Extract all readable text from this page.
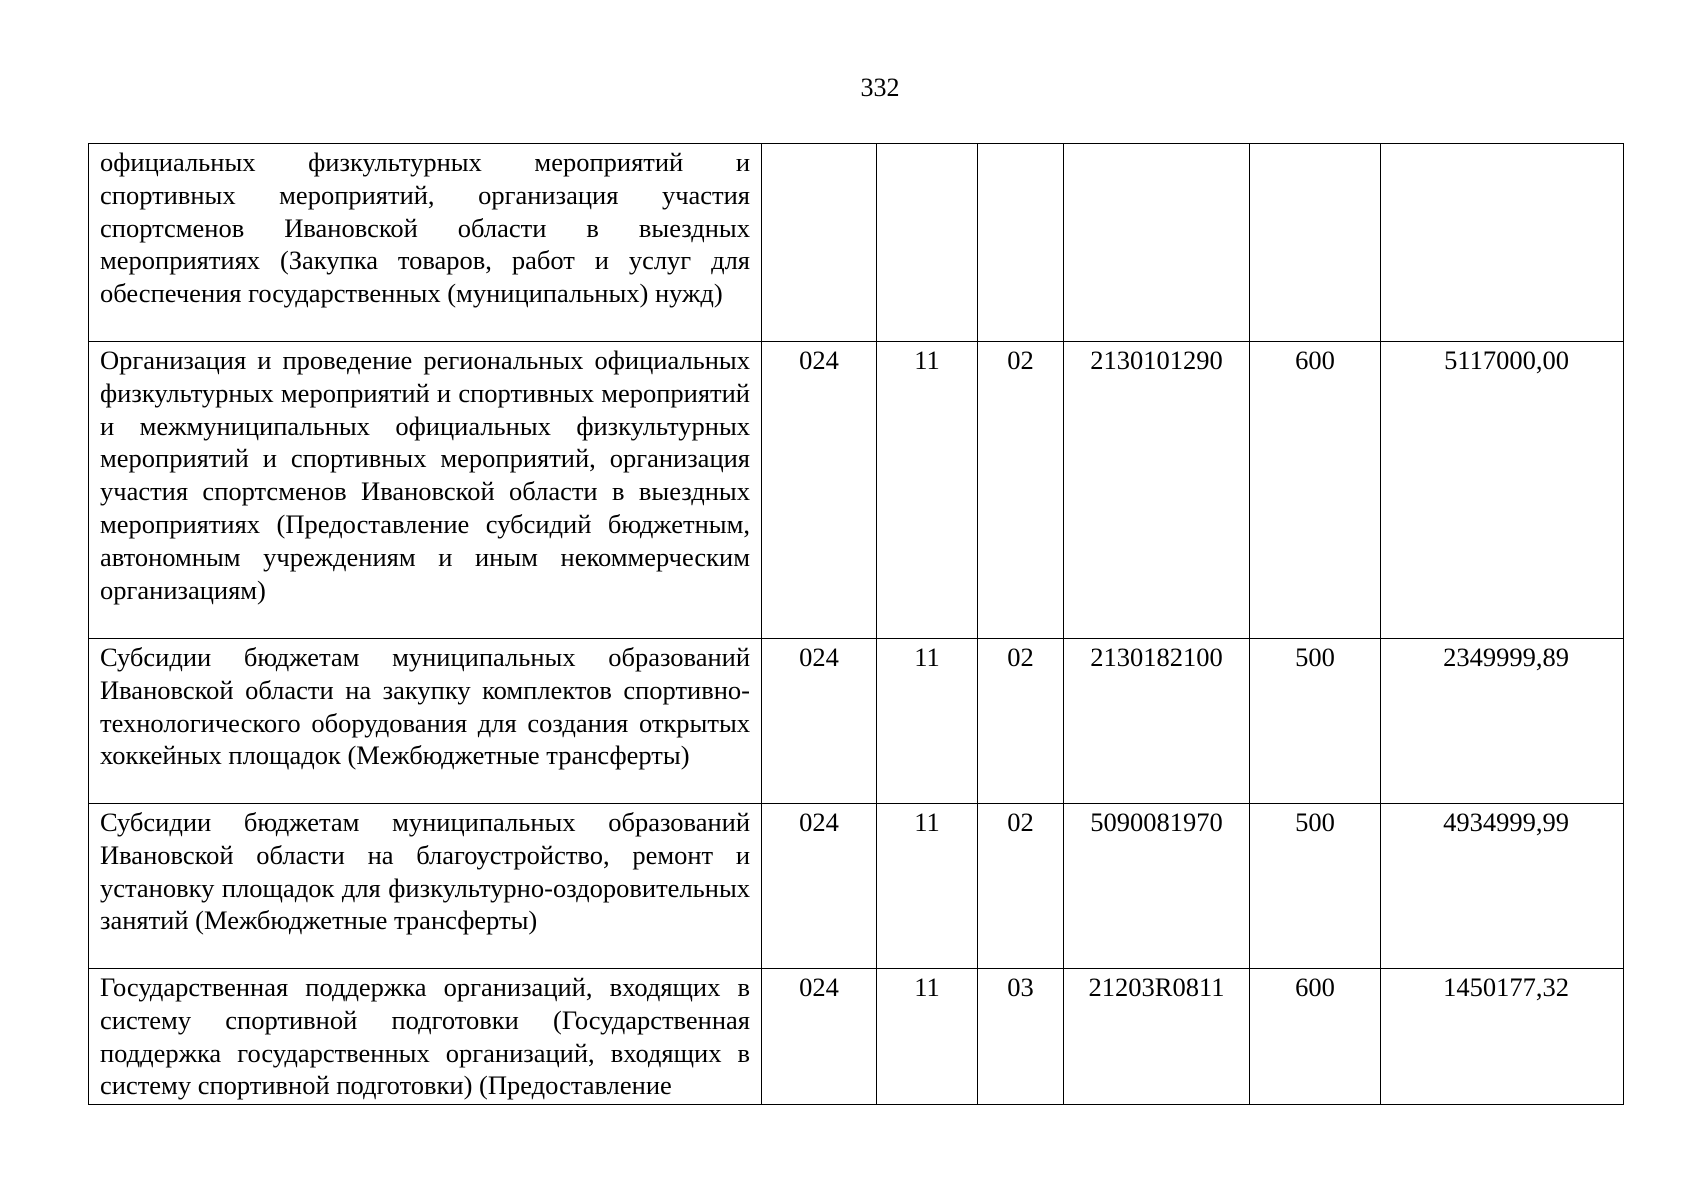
332
официальных физкультурных мероприятий и спортивных мероприятий, организация участия спортсменов Ивановской области в выездных мероприятиях (Закупка товаров, работ и услуг для обеспечения государственных (муниципальных) нужд)						
Организация и проведение региональных официальных физкультурных мероприятий и спортивных мероприятий и межмуниципальных официальных физкультурных мероприятий и спортивных мероприятий, организация участия спортсменов Ивановской области в выездных мероприятиях (Предоставление субсидий бюджетным, автономным учреждениям и иным некоммерческим организациям)	024	11	02	2130101290	600	5117000,00
Субсидии бюджетам муниципальных образований Ивановской области на закупку комплектов спортивно-технологического оборудования для создания открытых хоккейных площадок (Межбюджетные трансферты)	024	11	02	2130182100	500	2349999,89
Субсидии бюджетам муниципальных образований Ивановской области на благоустройство, ремонт и установку площадок для физкультурно-оздоровительных занятий (Межбюджетные трансферты)	024	11	02	5090081970	500	4934999,99
Государственная поддержка организаций, входящих в систему спортивной подготовки (Государственная поддержка государственных организаций, входящих в систему спортивной подготовки) (Предоставление	024	11	03	21203R0811	600	1450177,32
